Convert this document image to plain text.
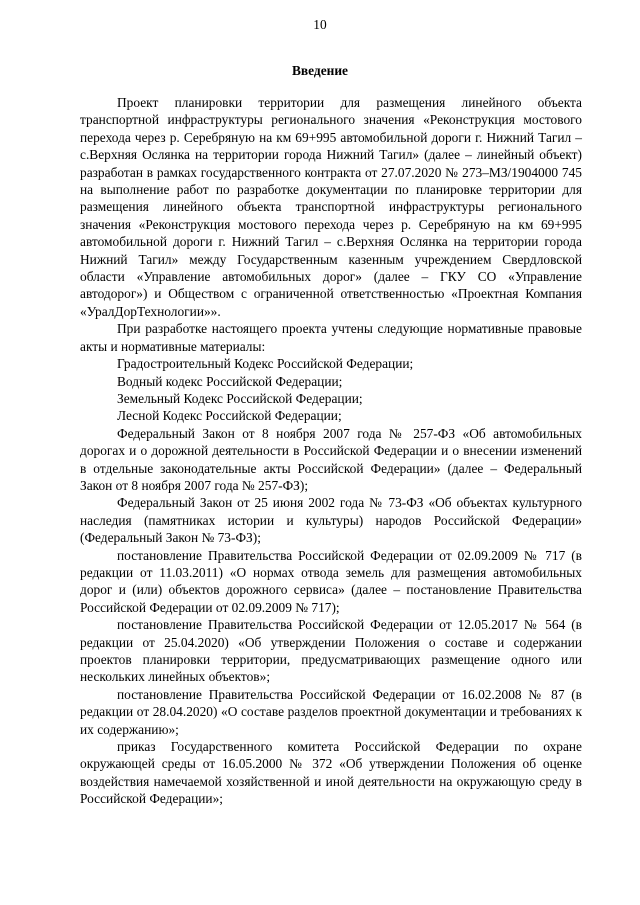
10
Введение

Проект планировки территории для размещения линейного объекта транспортной инфраструктуры регионального значения «Реконструкция мостового перехода через р. Серебряную на км 69+995 автомобильной дороги г. Нижний Тагил – с.Верхняя Ослянка на территории города Нижний Тагил» (далее – линейный объект) разработан в рамках государственного контракта от 27.07.2020 № 273–МЗ/1904000 745 на выполнение работ по разработке документации по планировке территории для размещения линейного объекта транспортной инфраструктуры регионального значения «Реконструкция мостового перехода через р. Серебряную на км 69+995 автомобильной дороги г. Нижний Тагил – с.Верхняя Ослянка на территории города Нижний Тагил» между Государственным казенным учреждением Свердловской области «Управление автомобильных дорог» (далее – ГКУ СО «Управление автодорог») и Обществом с ограниченной ответственностью «Проектная Компания «УралДорТехнологии»».

При разработке настоящего проекта учтены следующие нормативные правовые акты и нормативные материалы:

Градостроительный Кодекс Российской Федерации;

Водный кодекс Российской Федерации;

Земельный Кодекс Российской Федерации;

Лесной Кодекс Российской Федерации;

Федеральный Закон от 8 ноября 2007 года № 257-ФЗ «Об автомобильных дорогах и о дорожной деятельности в Российской Федерации и о внесении изменений в отдельные законодательные акты Российской Федерации» (далее – Федеральный Закон от 8 ноября 2007 года № 257-ФЗ);

Федеральный Закон от 25 июня 2002 года № 73-ФЗ «Об объектах культурного наследия (памятниках истории и культуры) народов Российской Федерации» (Федеральный Закон № 73-ФЗ);

постановление Правительства Российской Федерации от 02.09.2009 № 717 (в редакции от 11.03.2011) «О нормах отвода земель для размещения автомобильных дорог и (или) объектов дорожного сервиса» (далее – постановление Правительства Российской Федерации от 02.09.2009 № 717);

постановление Правительства Российской Федерации от 12.05.2017 № 564 (в редакции от 25.04.2020) «Об утверждении Положения о составе и содержании проектов планировки территории, предусматривающих размещение одного или нескольких линейных объектов»;

постановление Правительства Российской Федерации от 16.02.2008 № 87 (в редакции от 28.04.2020) «О составе разделов проектной документации и требованиях к их содержанию»;

приказ Государственного комитета Российской Федерации по охране окружающей среды от 16.05.2000 № 372 «Об утверждении Положения об оценке воздействия намечаемой хозяйственной и иной деятельности на окружающую среду в Российской Федерации»;
